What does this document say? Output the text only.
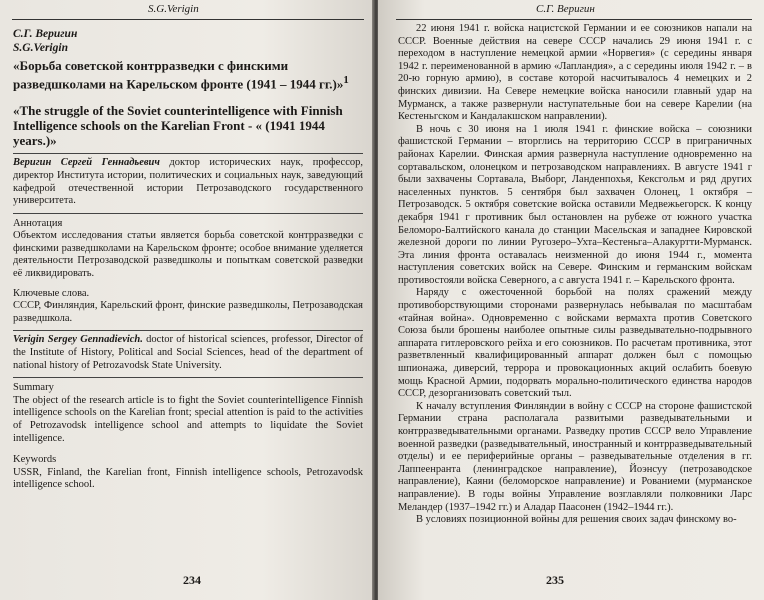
S.G.Verigin
С.Г. Веригин
S.G.Verigin
«Борьба советской контрразведки с финскими разведшколами на Карельском фронте (1941 – 1944 гг.)»$^1$
«The struggle of the Soviet counterintelligence with Finnish Intelligence schools on the Karelian Front - « (1941 1944 years.)»
Веригин Сергей Геннадьевич доктор исторических наук, профессор, директор Института истории, политических и социальных наук, заведующий кафедрой отечественной истории Петрозаводского государственного университета.
Аннотация
Объектом исследования статьи является борьба советской контрразведки с финскими разведшколами на Карельском фронте; особое внимание уделяется деятельности Петрозаводской разведшколы и попыткам советской разведки её ликвидировать.
Ключевые слова.
СССР, Финляндия, Карельский фронт, финские разведшколы, Петрозаводская разведшкола.
Verigin Sergey Gennadievich. doctor of historical sciences, professor, Director of the Institute of History, Political and Social Sciences, head of the department of national history of Petrozavodsk State University.
Summary
The object of the research article is to fight the Soviet counterintelligence Finnish intelligence schools on the Karelian front; special attention is paid to the activities of Petrozavodsk intelligence school and attempts to liquidate the Soviet intelligence.
Keywords
USSR, Finland, the Karelian front, Finnish intelligence schools, Petrozavodsk intelligence school.
234
С.Г. Веригин

22 июня 1941 г. войска нацистской Германии и ее союзников напали на СССР. Военные действия на севере СССР начались 29 июня 1941 г. с переходом в наступление немецкой армии «Норвегия» (с середины января 1942 г. переименованной в армию «Лапландия», а с середины июля 1942 г. – в 20-ю горную армию), в составе которой насчитывалось 4 немецких и 2 финских дивизии. На Севере немецкие войска наносили главный удар на Мурманск, а также развернули наступательные бои на севере Карелии (на Кестеньгском и Кандалакшском направлении).

В ночь с 30 июня на 1 июля 1941 г. финские войска – союзники фашистской Германии – вторглись на территорию СССР в приграничных районах Карелии. Финская армия развернула наступление одновременно на сортавальском, олонецком и петрозаводском направлениях. В августе 1941 г были захвачены Сортавала, Выборг, Ланденпохья, Кексгольм и ряд других населенных пунктов. 5 сентября был захвачен Олонец, 1 октября – Петрозаводск. 5 октября советские войска оставили Медвежьегорск. К концу декабря 1941 г противник был остановлен на рубеже от южного участка Беломоро-Балтийского канала до станции Масельская и западнее Кировской железной дороги по линии Ругозеро–Ухта–Кестеньга–Алакуртти-Мурманск. Эта линия фронта оставалась неизменной до июня 1944 г., момента наступления советских войск на Севере. Финским и германским войскам противостояли войска Северного, а с августа 1941 г. – Карельского фронта.

Наряду с ожесточенной борьбой на полях сражений между противоборствующими сторонами развернулась небывалая по масштабам «тайная война». Одновременно с войсками вермахта против Советского Союза были брошены наиболее опытные силы разведывательно-подрывного аппарата гитлеровского рейха и его союзников. По расчетам противника, этот разветвленный квалифицированный аппарат должен был с помощью шпионажа, диверсий, террора и провокационных акций ослабить боевую мощь Красной Армии, подорвать морально-политического единства народов СССР, дезорганизовать советский тыл.

К началу вступления Финляндии в войну с СССР на стороне фашистской Германии страна располагала развитыми разведывательными и контрразведывательными органами. Разведку против СССР вело Управление военной разведки (разведывательный, иностранный и контрразведывательный отделы) и ее периферийные органы – разведывательные отделения в гг. Лаппеенранта (ленинградское направление), Йоэнсуу (петрозаводское направление), Каяни (беломорское направление) и Рованиеми (мурманское направление). В годы войны Управление возглавляли полковники Ларс Меландер (1937–1942 гг.) и Аладар Паасонен (1942–1944 гг.).

В условиях позиционной войны для решения своих задач финскому во-

235
